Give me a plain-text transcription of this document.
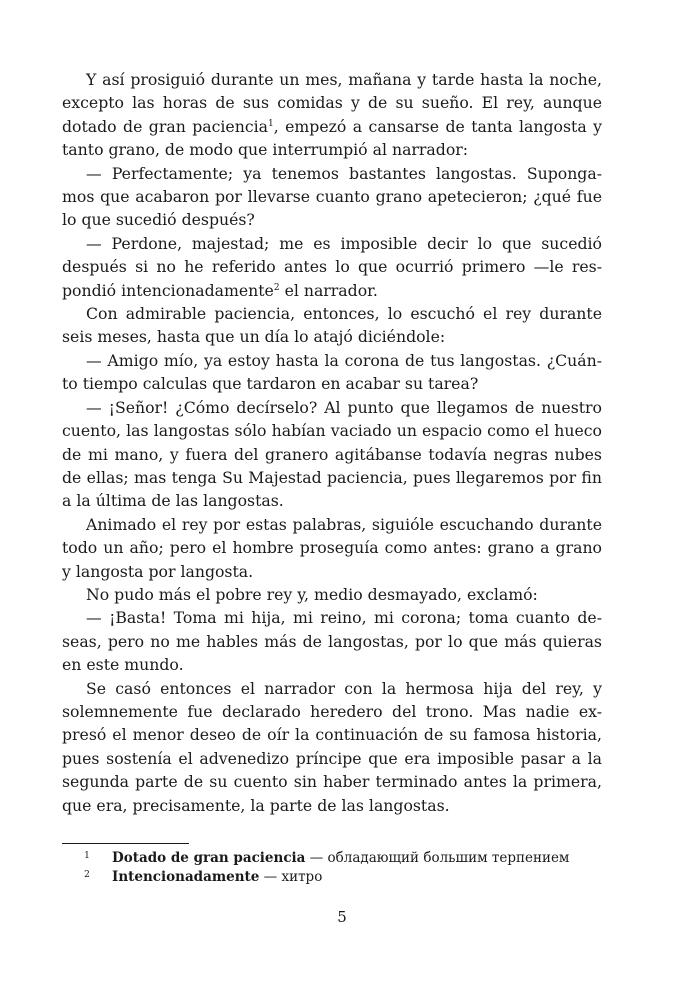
Y así prosiguió durante un mes, mañana y tarde hasta la noche,
excepto las horas de sus comidas y de su sueño. El rey, aunque
dotado de gran paciencia$^1$, empezó a cansarse de tanta langosta y
tanto grano, de modo que interrumpió al narrador:
— Perfectamente; ya tenemos bastantes langostas. Suponga-
mos que acabaron por llevarse cuanto grano apetecieron; ¿qué fue
lo que sucedió después?
— Perdone, majestad; me es imposible decir lo que sucedió
después si no he referido antes lo que ocurrió primero —le res-
pondió intencionadamente$^2$ el narrador.
Con admirable paciencia, entonces, lo escuchó el rey durante
seis meses, hasta que un día lo atajó diciéndole:
— Amigo mío, ya estoy hasta la corona de tus langostas. ¿Cuán-
to tiempo calculas que tardaron en acabar su tarea?
— ¡Señor! ¿Cómo decírselo? Al punto que llegamos de nuestro
cuento, las langostas sólo habían vaciado un espacio como el hueco
de mi mano, y fuera del granero agitábanse todavía negras nubes
de ellas; mas tenga Su Majestad paciencia, pues llegaremos por fin
a la última de las langostas.
Animado el rey por estas palabras, siguióle escuchando durante
todo un año; pero el hombre proseguía como antes: grano a grano
y langosta por langosta.
No pudo más el pobre rey y, medio desmayado, exclamó:
— ¡Basta! Toma mi hija, mi reino, mi corona; toma cuanto de-
seas, pero no me hables más de langostas, por lo que más quieras
en este mundo.
Se casó entonces el narrador con la hermosa hija del rey, y
solemnemente fue declarado heredero del trono. Mas nadie ex-
presó el menor deseo de oír la continuación de su famosa historia,
pues sostenía el advenedizo príncipe que era imposible pasar a la
segunda parte de su cuento sin haber terminado antes la primera,
que era, precisamente, la parte de las langostas.
1 Dotado de gran paciencia — обладающий большим терпением
2 Intencionadamente — хитро
5
